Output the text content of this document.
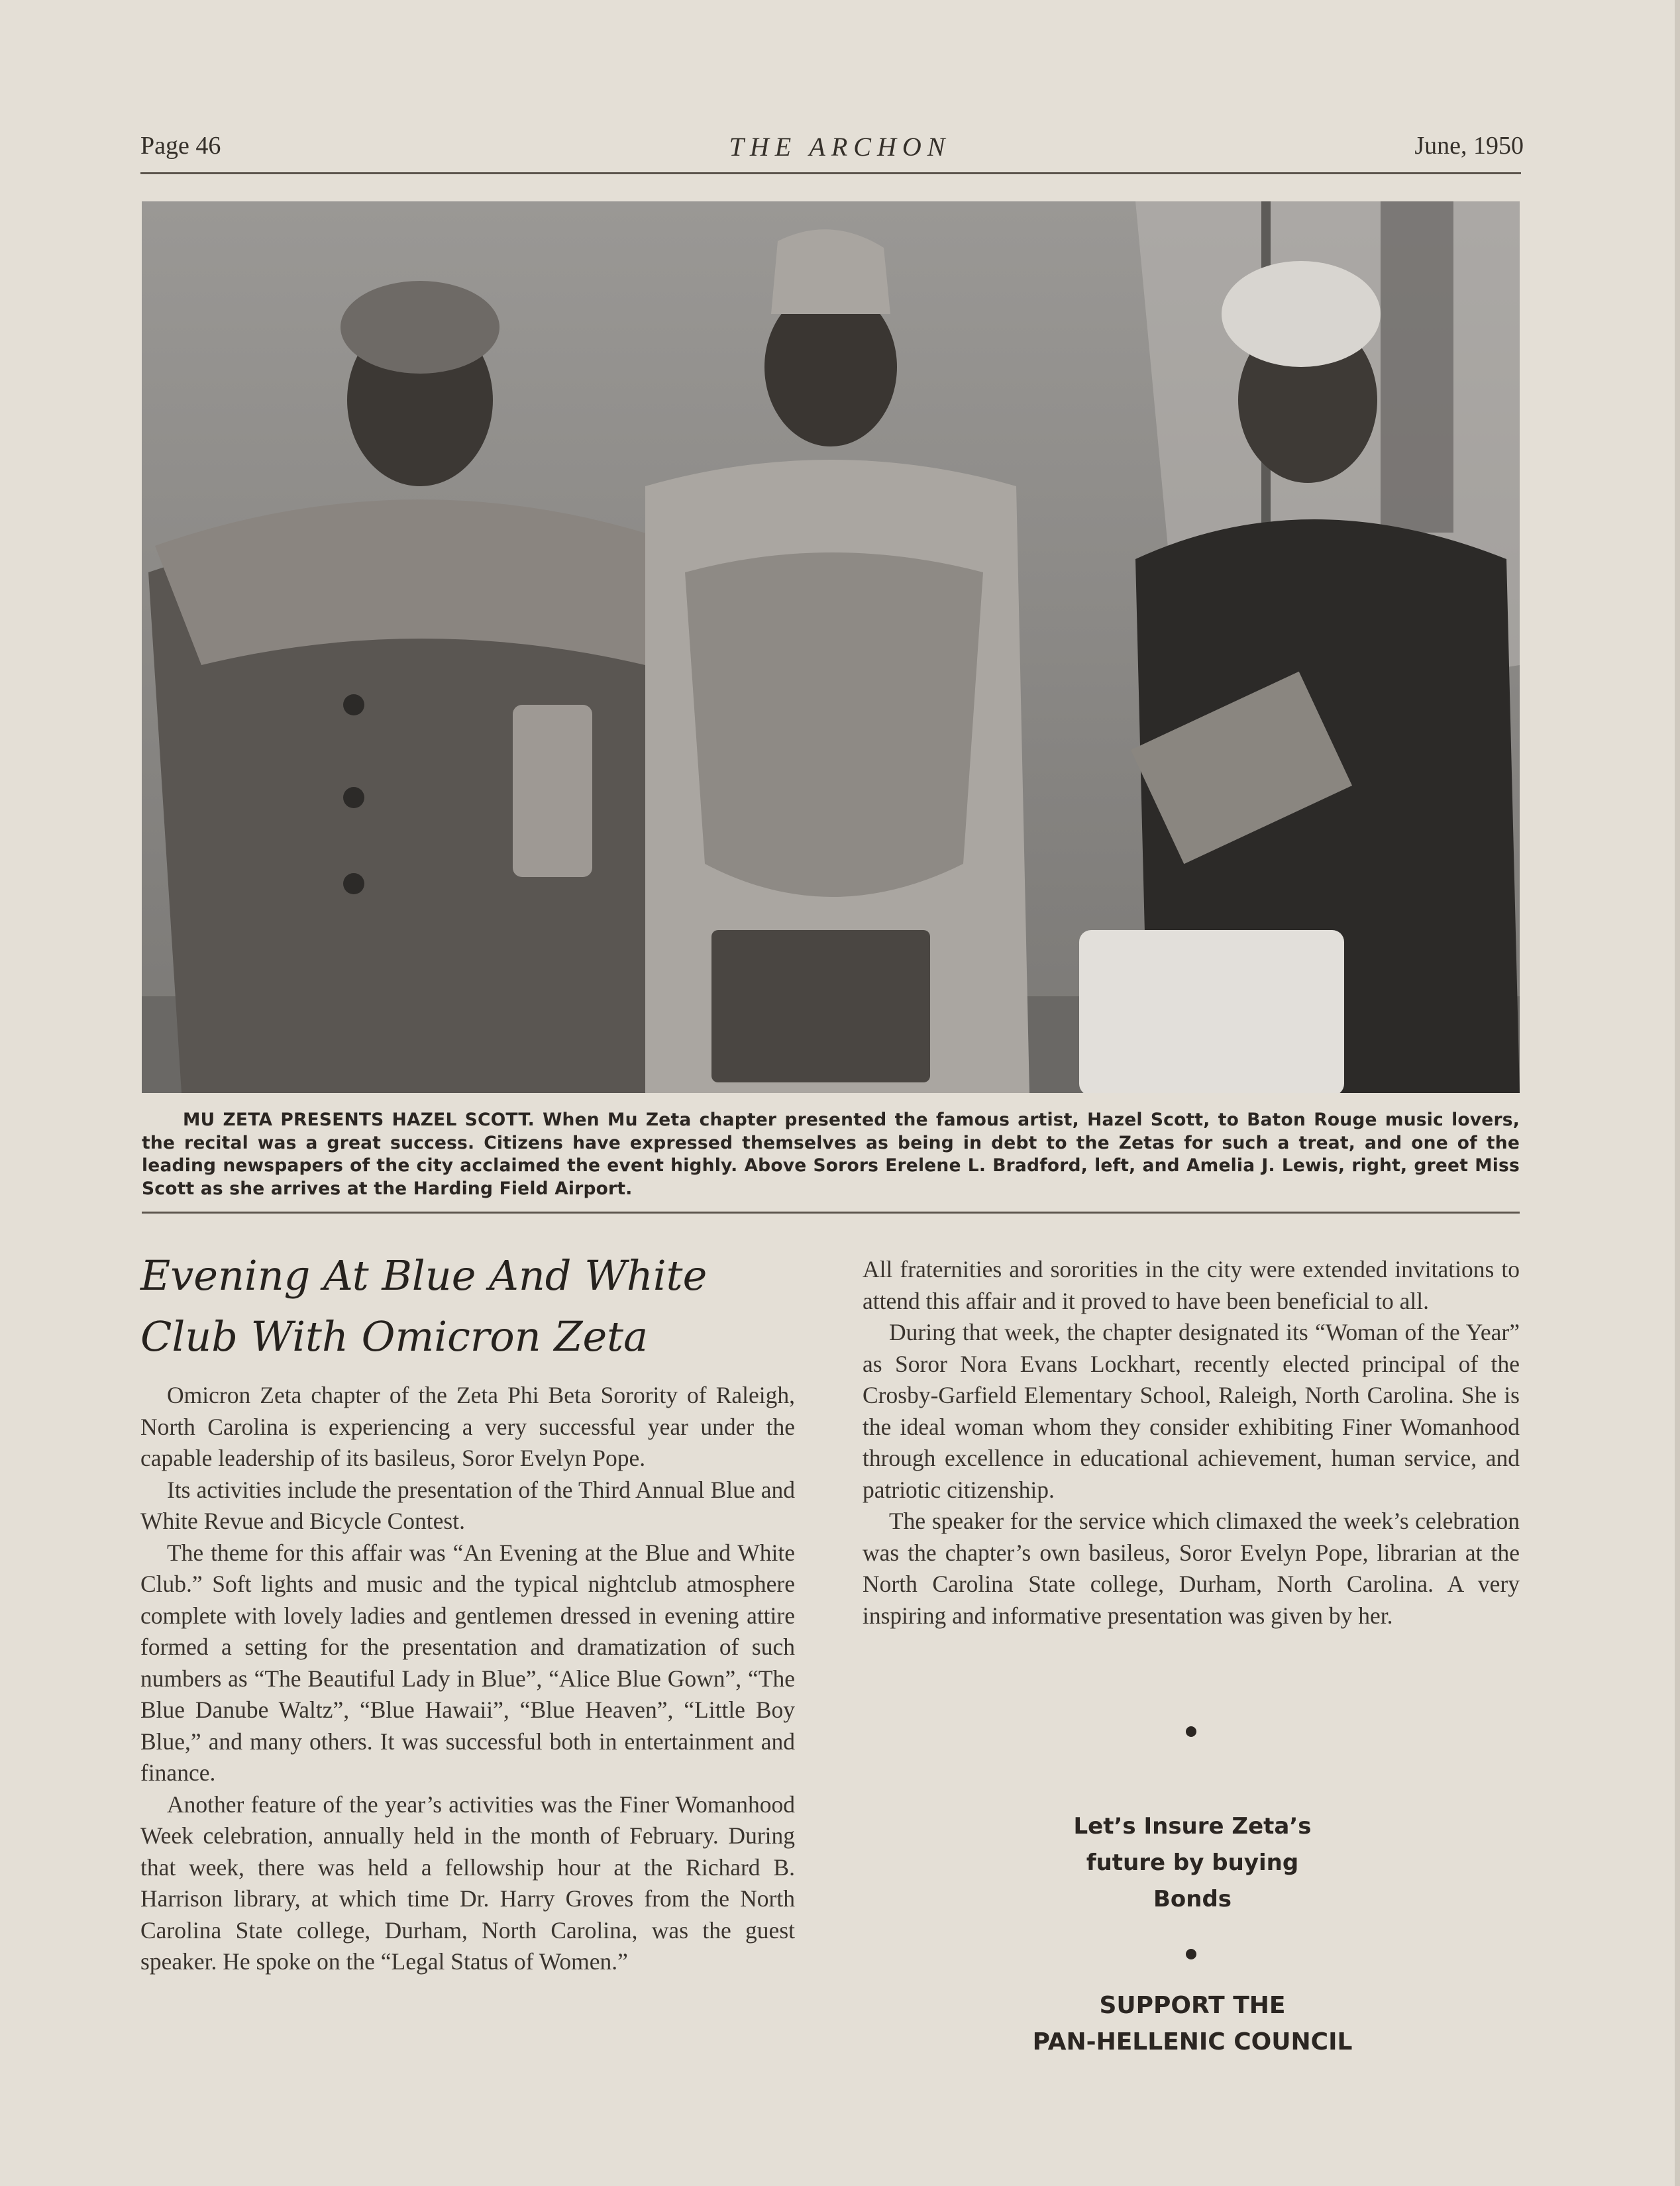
THE ARCHON
Page 46	June, 1950
MU ZETA PRESENTS HAZEL SCOTT. When Mu Zeta chapter presented the famous artist, Hazel Scott, to Baton Rouge music lovers, the recital was a great success. Citizens have expressed themselves as being in debt to the Zetas for such a treat, and one of the leading newspapers of the city acclaimed the event highly. Above Sorors Erelene L. Bradford, left, and Amelia J. Lewis, right, greet Miss Scott as she arrives at the Harding Field Airport.
Evening At Blue And White
Club With Omicron Zeta

Omicron Zeta chapter of the Zeta Phi Beta Sorority of Raleigh, North Carolina is experiencing a very successful year under the capable leadership of its basileus, Soror Evelyn Pope.

Its activities include the presentation of the Third Annual Blue and White Revue and Bicycle Contest.

The theme for this affair was “An Evening at the Blue and White Club.” Soft lights and music and the typical nightclub atmosphere complete with lovely ladies and gentlemen dressed in evening attire formed a setting for the presentation and dramatization of such numbers as “The Beautiful Lady in Blue”, “Alice Blue Gown”, “The Blue Danube Waltz”, “Blue Hawaii”, “Blue Heaven”, “Little Boy Blue,” and many others. It was successful both in entertainment and finance.

Another feature of the year’s activities was the Finer Womanhood Week celebration, annually held in the month of February. During that week, there was held a fellowship hour at the Richard B. Harrison library, at which time Dr. Harry Groves from the North Carolina State college, Durham, North Carolina, was the guest speaker. He spoke on the “Legal Status of Women.”

All fraternities and sororities in the city were extended invitations to attend this affair and it proved to have been beneficial to all.

During that week, the chapter designated its “Woman of the Year” as Soror Nora Evans Lockhart, recently elected principal of the Crosby-Garfield Elementary School, Raleigh, North Carolina. She is the ideal woman whom they consider exhibiting Finer Womanhood through excellence in educational achievement, human service, and patriotic citizenship.

The speaker for the service which climaxed the week’s celebration was the chapter’s own basileus, Soror Evelyn Pope, librarian at the North Carolina State college, Durham, North Carolina. A very inspiring and informative presentation was given by her.

Let’s Insure Zeta’s
future by buying
Bonds
SUPPORT THE
PAN-HELLENIC COUNCIL
